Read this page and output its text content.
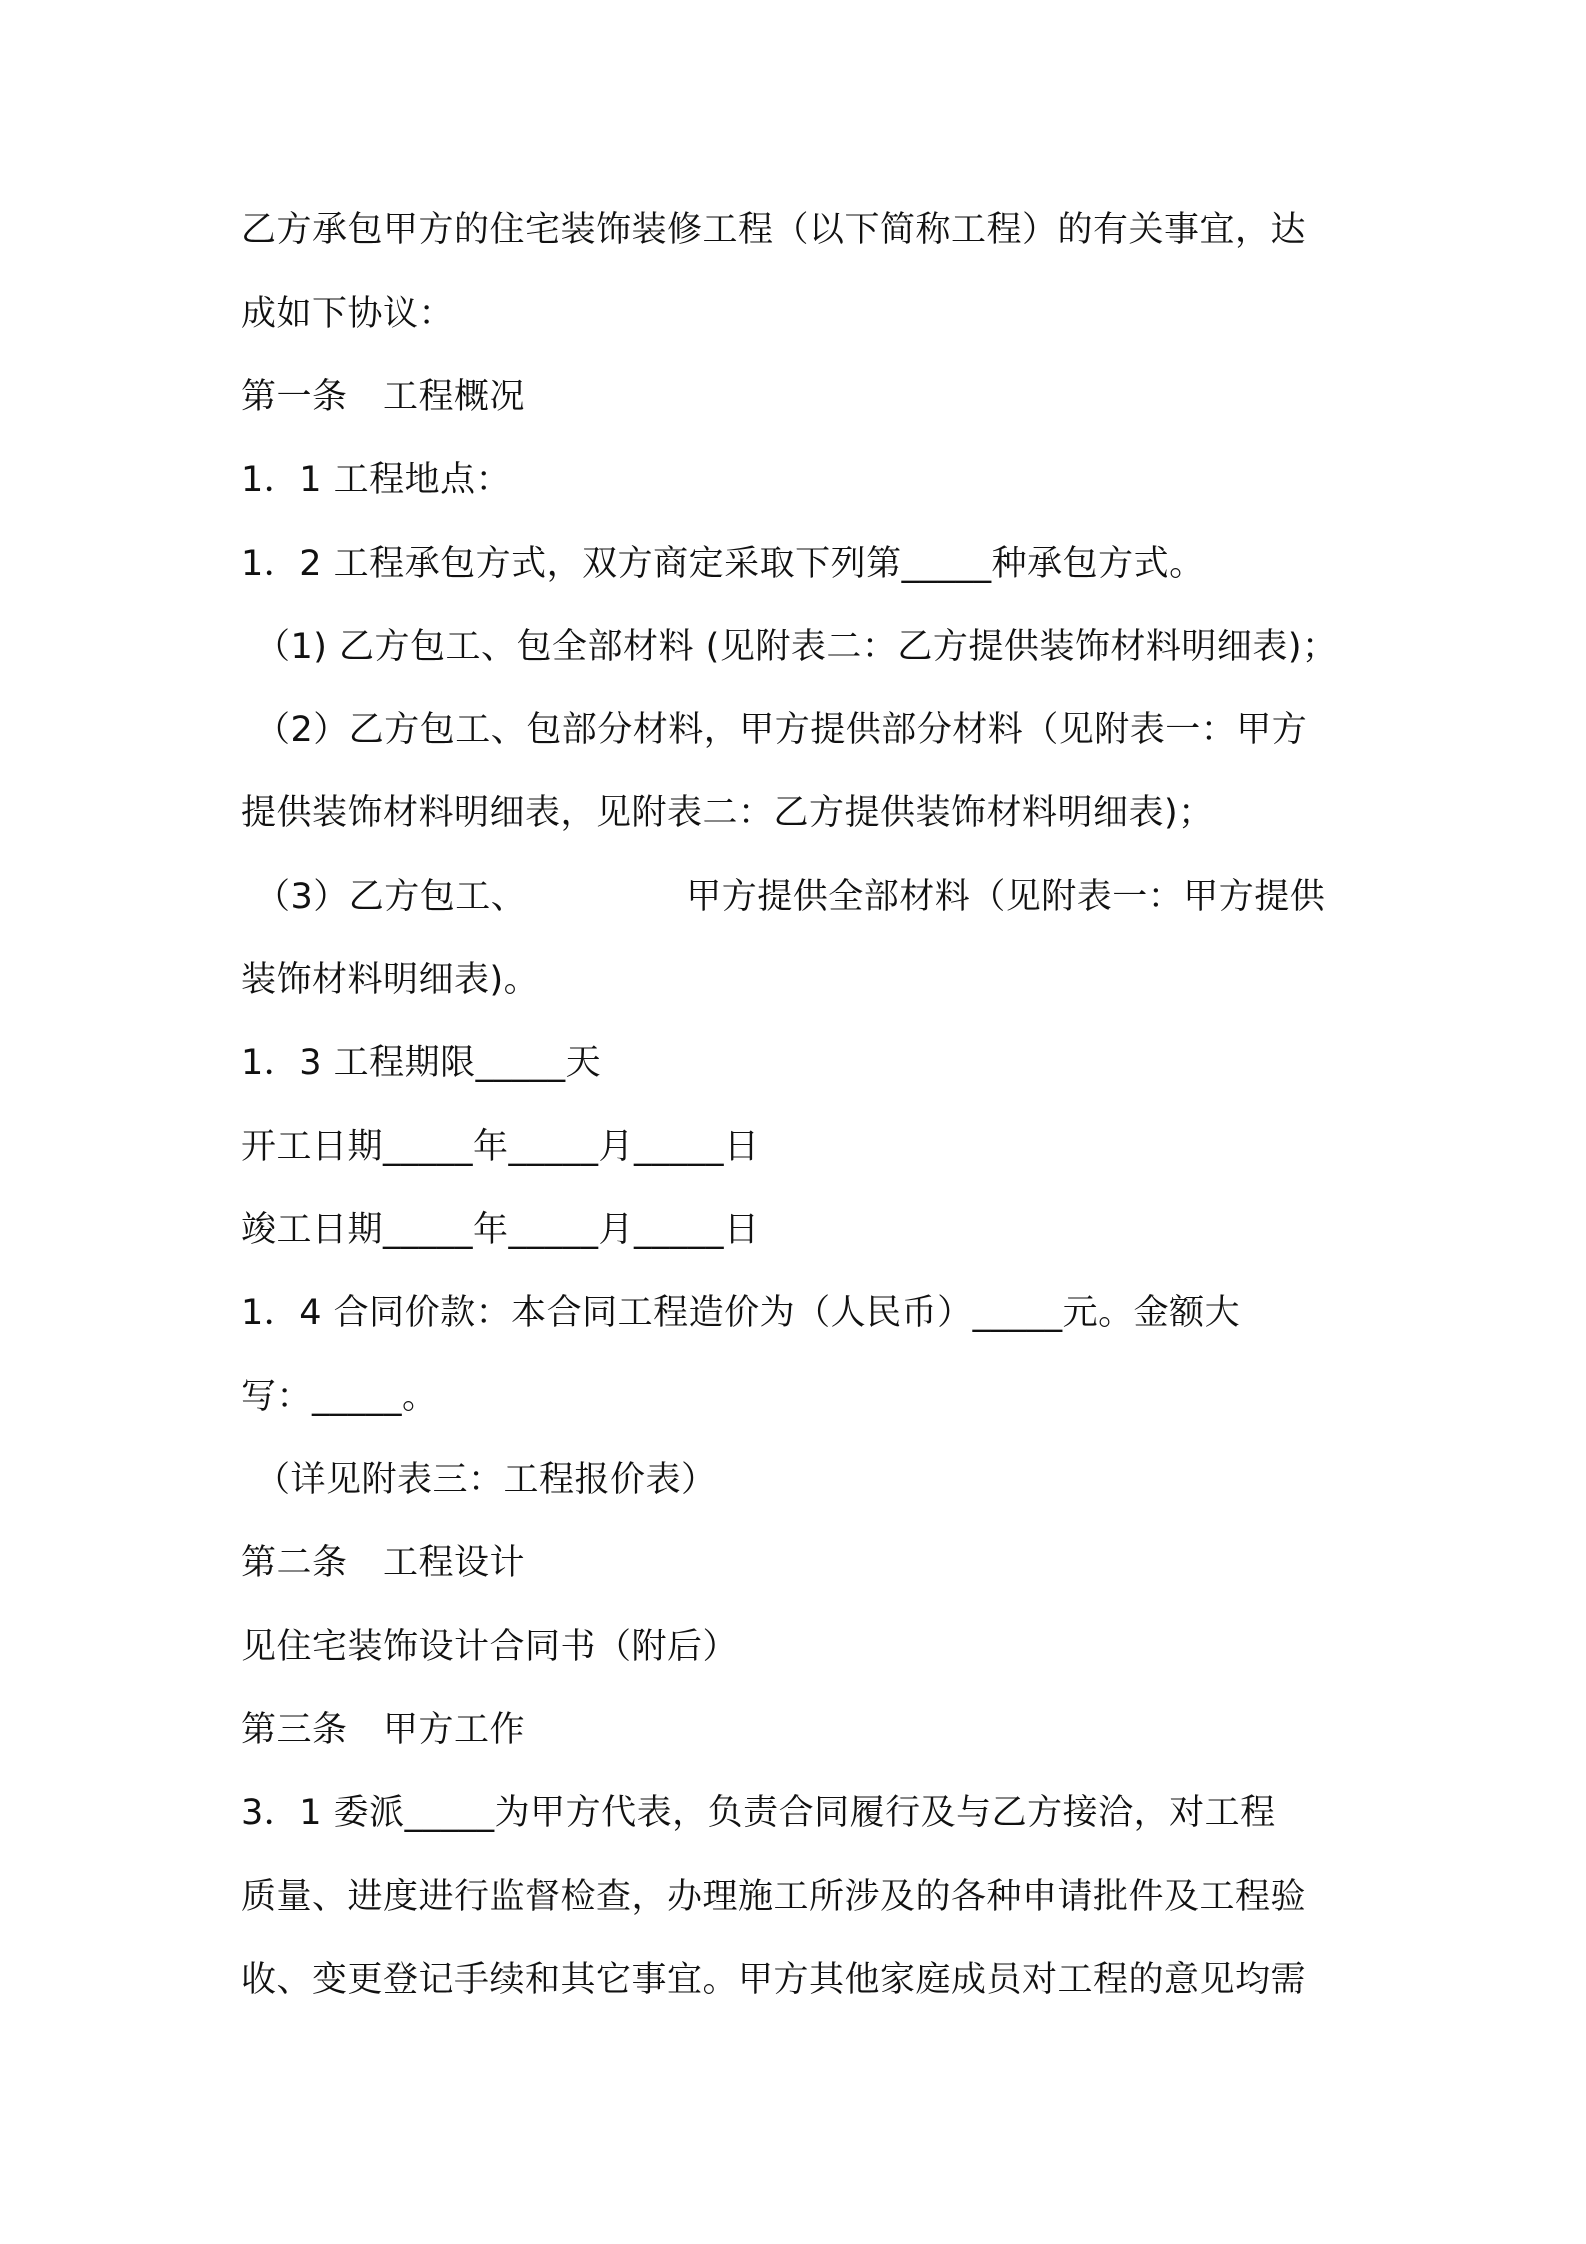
乙方承包甲方的住宅装饰装修工程（以下简称工程）的有关事宜，达
成如下协议：
第一条　工程概况
1．1 工程地点：
1．2 工程承包方式，双方商定采取下列第_____种承包方式。
（1) 乙方包工、包全部材料 (见附表二：乙方提供装饰材料明细表)；
（2）乙方包工、包部分材料，甲方提供部分材料（见附表一：甲方
提供装饰材料明细表，见附表二：乙方提供装饰材料明细表)；
（3）乙方包工、	甲方提供全部材料（见附表一：甲方提供
装饰材料明细表)。
1．3 工程期限_____天
开工日期_____年_____月_____日
竣工日期_____年_____月_____日
1．4 合同价款：本合同工程造价为（人民币）_____元。金额大
写：_____。
（详见附表三：工程报价表）
第二条　工程设计
见住宅装饰设计合同书（附后）
第三条　甲方工作
3．1 委派_____为甲方代表，负责合同履行及与乙方接洽，对工程
质量、进度进行监督检查，办理施工所涉及的各种申请批件及工程验
收、变更登记手续和其它事宜。甲方其他家庭成员对工程的意见均需
